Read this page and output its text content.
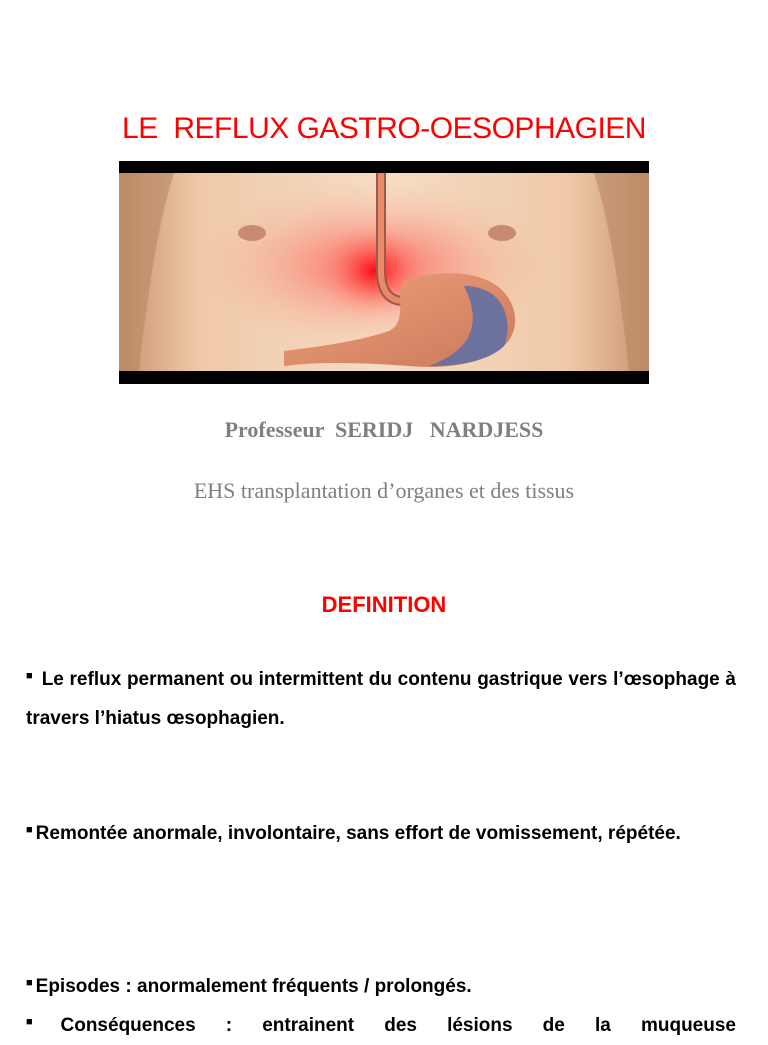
LE  REFLUX GASTRO-OESOPHAGIEN
Professeur  SERIDJ   NARDJESS
EHS transplantation d’organes et des tissus
DEFINITION
■ Le reflux permanent ou intermittent du contenu gastrique vers l’œsophage à travers l’hiatus œsophagien.
■ Remontée anormale, involontaire, sans effort de vomissement, répétée.
■ Episodes : anormalement fréquents / prolongés.
■ Conséquences : entrainent des lésions de la muqueuse
